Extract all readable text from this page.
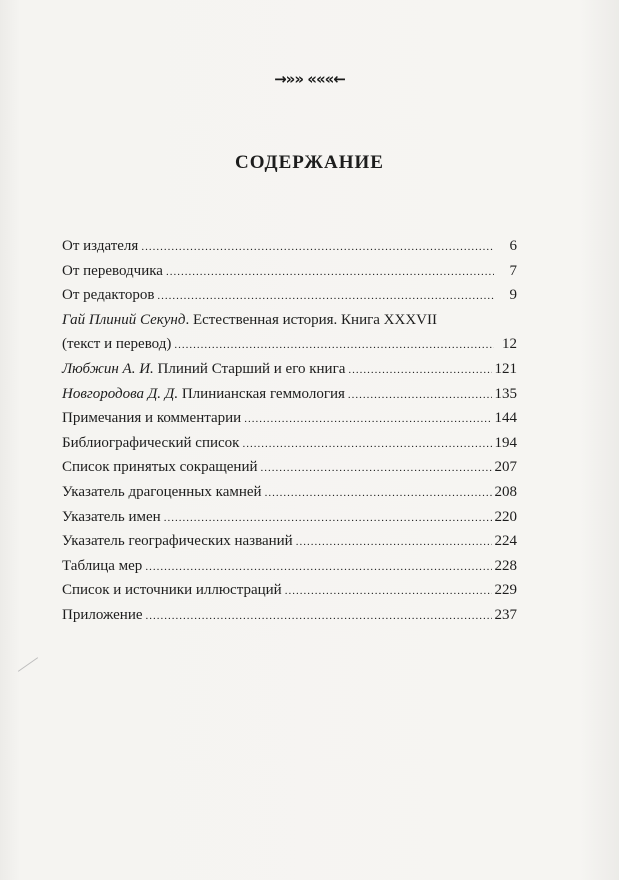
→»» «««←
СОДЕРЖАНИЕ
От издателя .....	6
От переводчика .....	7
От редакторов .....	9
Гай Плиний Секунд. Естественная история. Книга XXXVII
(текст и перевод) .....	12
Любжин А. И. Плиний Старший и его книга .....	121
Новгородова Д. Д. Плинианская геммология .....	135
Примечания и комментарии .....	144
Библиографический список .....	194
Список принятых сокращений .....	207
Указатель драгоценных камней .....	208
Указатель имен .....	220
Указатель географических названий .....	224
Таблица мер .....	228
Список и источники иллюстраций .....	229
Приложение .....	237
